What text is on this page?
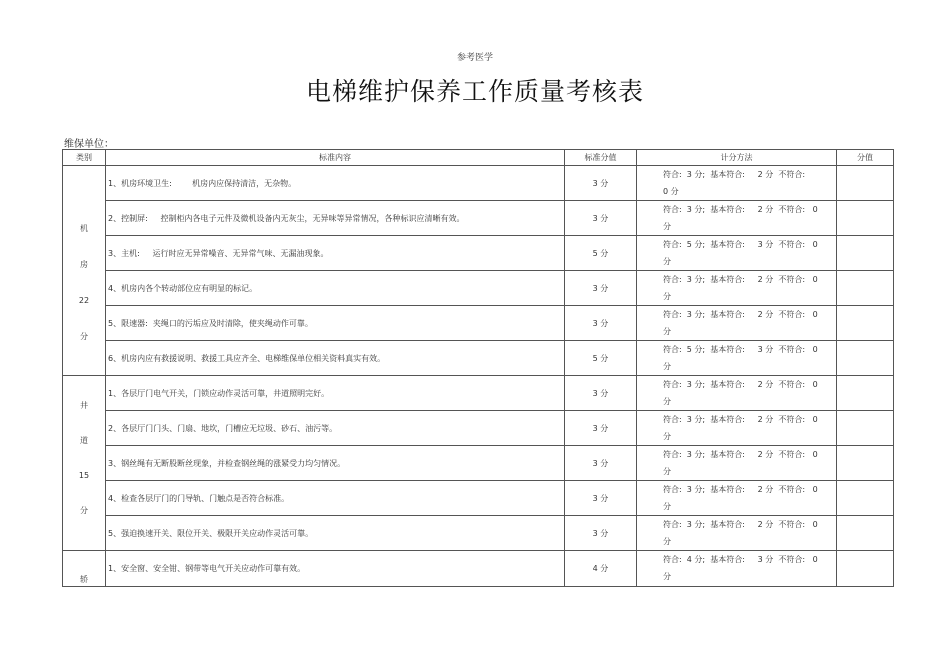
参考医学
电梯维护保养工作质量考核表
维保单位：
类别	标准内容	标准分值	计分方法	分值

机
房
22
分	1、机房环境卫生:        机房内应保持清洁，无杂物。	3 分	符合:  3 分;  基本符合:     2 分  不符合:
0 分	

	2、控制屏:     控制柜内各电子元件及微机设备内无灰尘，无异味等异常情况，各种标识应清晰有效。	3 分	符合:  3 分;  基本符合:     2 分  不符合:   0
分	

	3、主机:     运行时应无异常噪音、无异常气味、无漏油现象。	5 分	符合:  5 分;  基本符合:     3 分  不符合:   0
分	

	4、机房内各个转动部位应有明显的标记。	3 分	符合:  3 分;  基本符合:     2 分  不符合:   0
分	

	5、限速器:  夹绳口的污垢应及时清除，使夹绳动作可靠。	3 分	符合:  3 分;  基本符合:     2 分  不符合:   0
分	

	6、机房内应有救援说明、救援工具应齐全、电梯维保单位相关资料真实有效。	5 分	符合:  5 分;  基本符合:     3 分  不符合:   0
分	

井
道
15
分	1、各层厅门电气开关，门锁应动作灵活可靠，井道照明完好。	3 分	符合:  3 分;  基本符合:     2 分  不符合:   0
分	

	2、各层厅门门头、门扇、地坎，门槽应无垃圾、砂石、油污等。	3 分	符合:  3 分;  基本符合:     2 分  不符合:   0
分	

	3、钢丝绳有无断股断丝现象，并检查钢丝绳的涨紧受力均匀情况。	3 分	符合:  3 分;  基本符合:     2 分  不符合:   0
分	

	4、检查各层厅门的门导轨、门触点是否符合标准。	3 分	符合:  3 分;  基本符合:     2 分  不符合:   0
分	

	5、强迫换速开关、限位开关、极限开关应动作灵活可靠。	3 分	符合:  3 分;  基本符合:     2 分  不符合:   0
分	

轿	1、安全窗、安全钳、钢带等电气开关应动作可靠有效。	4 分	符合:  4 分;  基本符合:     3 分  不符合:   0
分	
